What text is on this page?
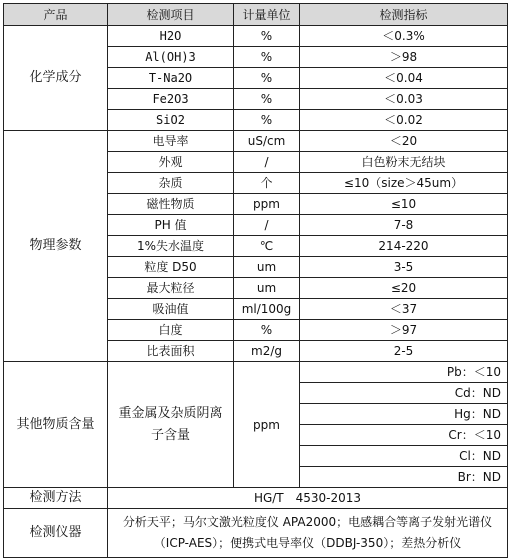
产品	检测项目	计量单位	检测指标
化学成分	H2O	%	＜0.3%
	Al(OH)3	%	＞98
	T-Na2O	%	＜0.04
	Fe2O3	%	＜0.03
	SiO2	%	＜0.02
物理参数	电导率	uS/cm	＜20
	外观	/	白色粉末无结块
	杂质	个	≤10（size＞45um）
	磁性物质	ppm	≤10
	PH 值	/	7-8
	1%失水温度	℃	214-220
	粒度 D50	um	3-5
	最大粒径	um	≤20
	吸油值	ml/100g	＜37
	白度	%	＞97
	比表面积	m2/g	2-5
其他物质含量	重金属及杂质阴离子含量	ppm	Pb：＜10
			Cd：ND
			Hg：ND
			Cr：＜10
			Cl：ND
			Br：ND
检测方法	HG/T　4530-2013		
检测仪器	分析天平；马尔文激光粒度仪 APA2000；电感耦合等离子发射光谱仪（ICP-AES）；便携式电导率仪（DDBJ-350）；差热分析仪		
